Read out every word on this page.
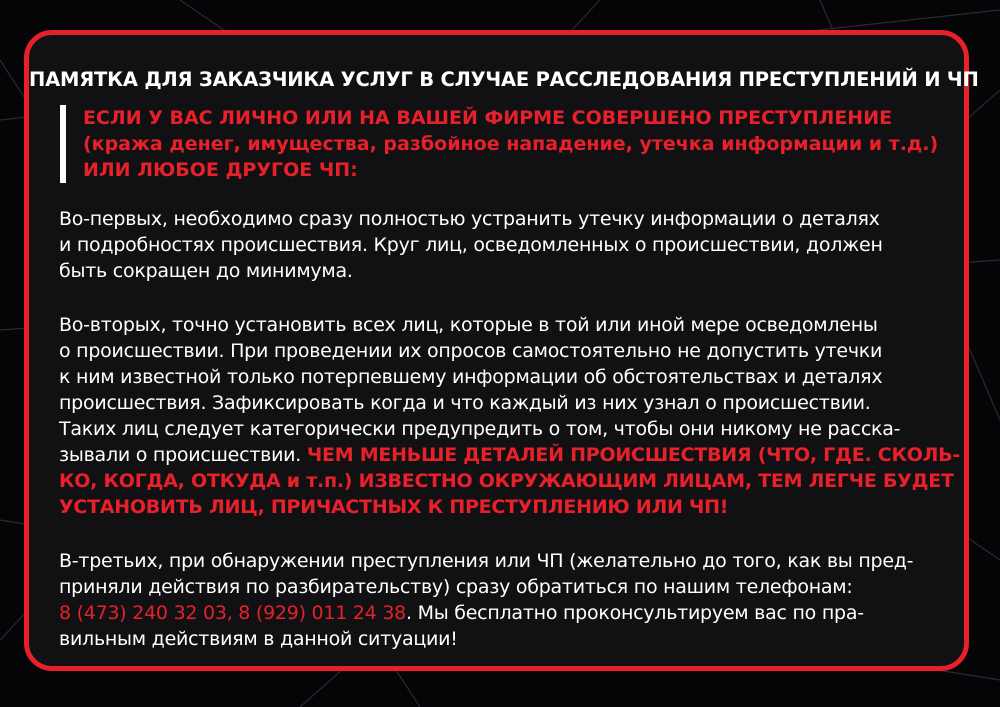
ПАМЯТКА ДЛЯ ЗАКАЗЧИКА УСЛУГ В СЛУЧАЕ РАССЛЕДОВАНИЯ ПРЕСТУПЛЕНИЙ И ЧП
ЕСЛИ У ВАС ЛИЧНО ИЛИ НА ВАШЕЙ ФИРМЕ СОВЕРШЕНО ПРЕСТУПЛЕНИЕ
(кража денег, имущества, разбойное нападение, утечка информации и т.д.)
ИЛИ ЛЮБОЕ ДРУГОЕ ЧП:
Во-первых, необходимо сразу полностью устранить утечку информации о деталях
и подробностях происшествия. Круг лиц, осведомленных о происшествии, должен
быть сокращен до минимума.
Во-вторых, точно установить всех лиц, которые в той или иной мере осведомлены
о происшествии. При проведении их опросов самостоятельно не допустить утечки
к ним известной только потерпевшему информации об обстоятельствах и деталях
происшествия. Зафиксировать когда и что каждый из них узнал о происшествии.
Таких лиц следует категорически предупредить о том, чтобы они никому не расска-
зывали о происшествии. ЧЕМ МЕНЬШЕ ДЕТАЛЕЙ ПРОИСШЕСТВИЯ (ЧТО, ГДЕ. СКОЛЬ-
КО, КОГДА, ОТКУДА и т.п.) ИЗВЕСТНО ОКРУЖАЮЩИМ ЛИЦАМ, ТЕМ ЛЕГЧЕ БУДЕТ
УСТАНОВИТЬ ЛИЦ, ПРИЧАСТНЫХ К ПРЕСТУПЛЕНИЮ ИЛИ ЧП!
В-третьих, при обнаружении преступления или ЧП (желательно до того, как вы пред-
приняли действия по разбирательству) сразу обратиться по нашим телефонам:
8 (473) 240 32 03, 8 (929) 011 24 38. Мы бесплатно проконсультируем вас по пра-
вильным действиям в данной ситуации!
